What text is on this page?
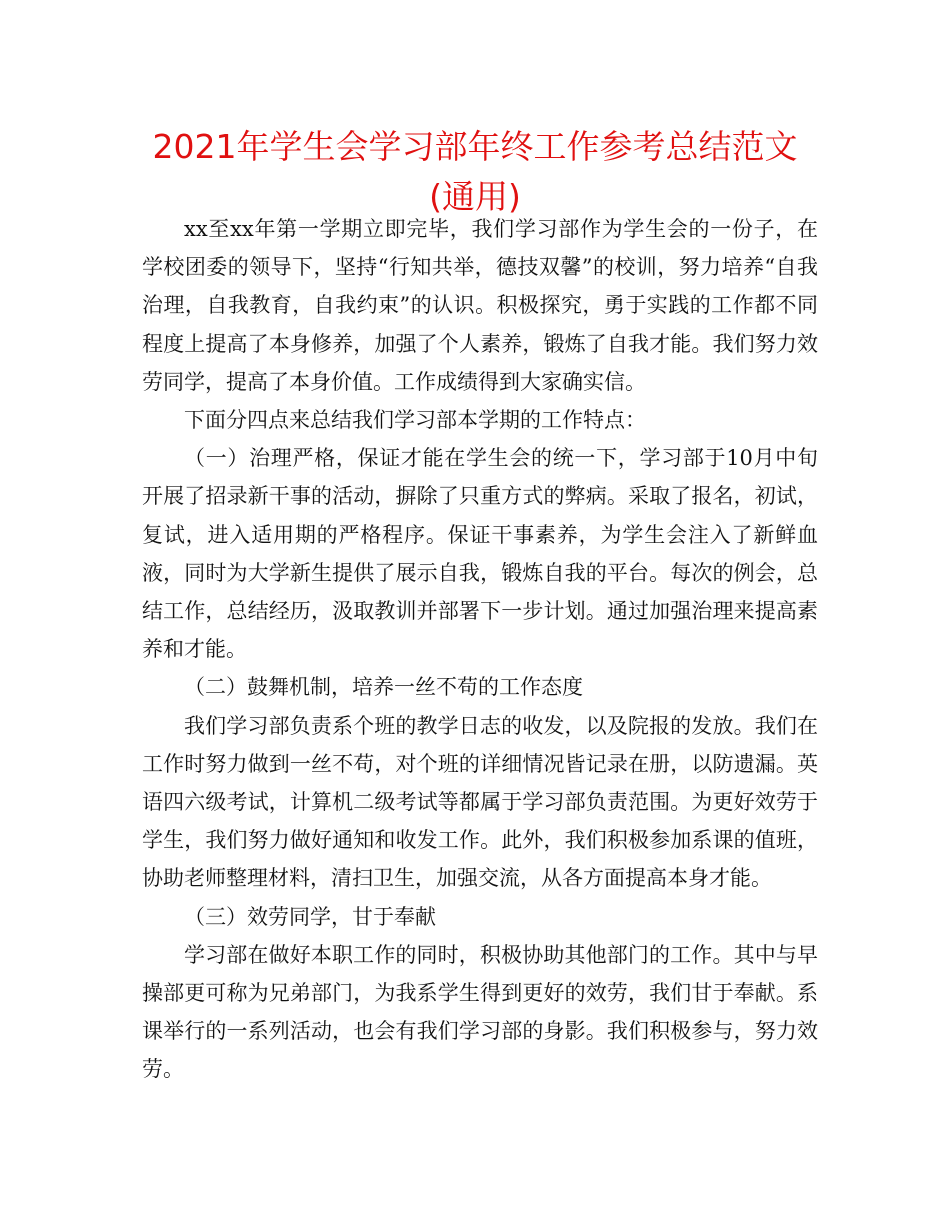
2021年学生会学习部年终工作参考总结范文
(通用)

xx至xx年第一学期立即完毕，我们学习部作为学生会的一份子，在学校团委的领导下，坚持“行知共举，德技双馨”的校训，努力培养“自我治理，自我教育，自我约束”的认识。积极探究，勇于实践的工作都不同程度上提高了本身修养，加强了个人素养，锻炼了自我才能。我们努力效劳同学，提高了本身价值。工作成绩得到大家确实信。

下面分四点来总结我们学习部本学期的工作特点：

（一）治理严格，保证才能在学生会的统一下，学习部于10月中旬开展了招录新干事的活动，摒除了只重方式的弊病。采取了报名，初试，复试，进入适用期的严格程序。保证干事素养，为学生会注入了新鲜血液，同时为大学新生提供了展示自我，锻炼自我的平台。每次的例会，总结工作，总结经历，汲取教训并部署下一步计划。通过加强治理来提高素养和才能。

（二）鼓舞机制，培养一丝不苟的工作态度

我们学习部负责系个班的教学日志的收发，以及院报的发放。我们在工作时努力做到一丝不苟，对个班的详细情况皆记录在册，以防遗漏。英语四六级考试，计算机二级考试等都属于学习部负责范围。为更好效劳于学生，我们努力做好通知和收发工作。此外，我们积极参加系课的值班，协助老师整理材料，清扫卫生，加强交流，从各方面提高本身才能。

（三）效劳同学，甘于奉献

学习部在做好本职工作的同时，积极协助其他部门的工作。其中与早操部更可称为兄弟部门，为我系学生得到更好的效劳，我们甘于奉献。系课举行的一系列活动，也会有我们学习部的身影。我们积极参与，努力效劳。
